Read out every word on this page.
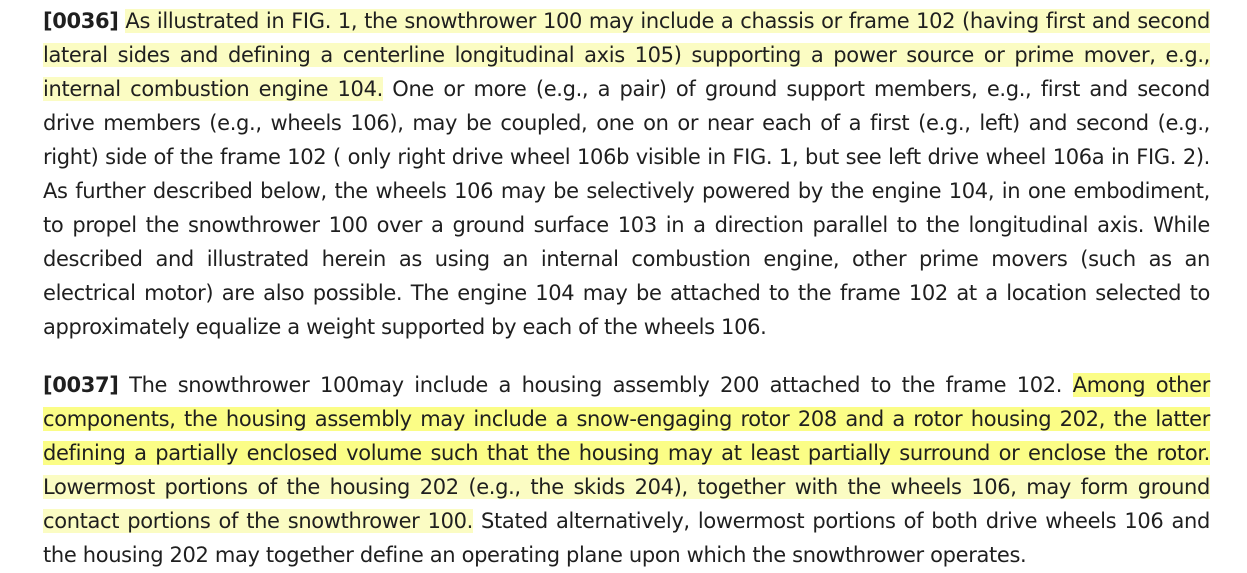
[0036] As illustrated in FIG. 1, the snowthrower 100 may include a chassis or frame 102 (having first and second lateral sides and defining a centerline longitudinal axis 105) supporting a power source or prime mover, e.g., internal combustion engine 104. One or more (e.g., a pair) of ground support members, e.g., first and second drive members (e.g., wheels 106), may be coupled, one on or near each of a first (e.g., left) and second (e.g., right) side of the frame 102 ( only right drive wheel 106b visible in FIG. 1, but see left drive wheel 106a in FIG. 2). As further described below, the wheels 106 may be selectively powered by the engine 104, in one embodiment, to propel the snowthrower 100 over a ground surface 103 in a direction parallel to the longitudinal axis. While described and illustrated herein as using an internal combustion engine, other prime movers (such as an electrical motor) are also possible. The engine 104 may be attached to the frame 102 at a location selected to approximately equalize a weight supported by each of the wheels 106.

[0037] The snowthrower 100may include a housing assembly 200 attached to the frame 102. Among other components, the housing assembly may include a snow-engaging rotor 208 and a rotor housing 202, the latter defining a partially enclosed volume such that the housing may at least partially surround or enclose the rotor. Lowermost portions of the housing 202 (e.g., the skids 204), together with the wheels 106, may form ground contact portions of the snowthrower 100. Stated alternatively, lowermost portions of both drive wheels 106 and the housing 202 may together define an operating plane upon which the snowthrower operates.
